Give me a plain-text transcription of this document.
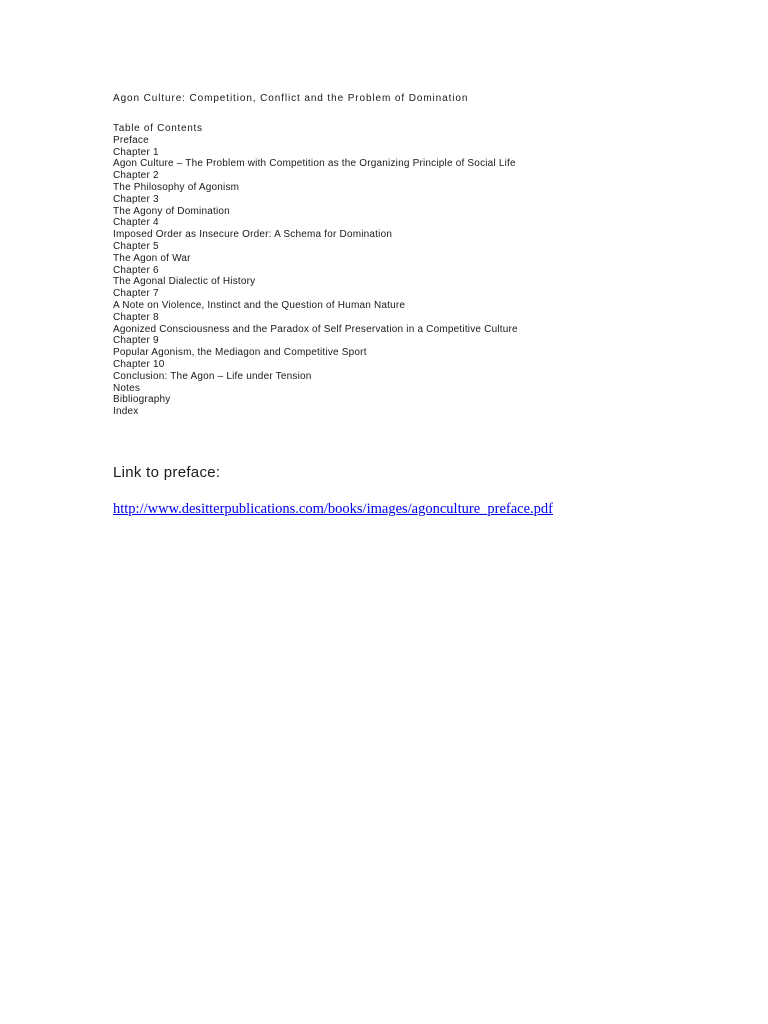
Agon Culture: Competition, Conflict and the Problem of Domination
Table of Contents
Preface
Chapter 1
Agon Culture – The Problem with Competition as the Organizing Principle of Social Life
Chapter 2
The Philosophy of Agonism
Chapter 3
The Agony of Domination
Chapter 4
Imposed Order as Insecure Order: A Schema for Domination
Chapter 5
The Agon of War
Chapter 6
The Agonal Dialectic of History
Chapter 7
A Note on Violence, Instinct and the Question of Human Nature
Chapter 8
Agonized Consciousness and the Paradox of Self Preservation in a Competitive Culture
Chapter 9
Popular Agonism, the Mediagon and Competitive Sport
Chapter 10
Conclusion: The Agon – Life under Tension
Notes
Bibliography
Index
Link to preface:
http://www.desitterpublications.com/books/images/agonculture_preface.pdf
